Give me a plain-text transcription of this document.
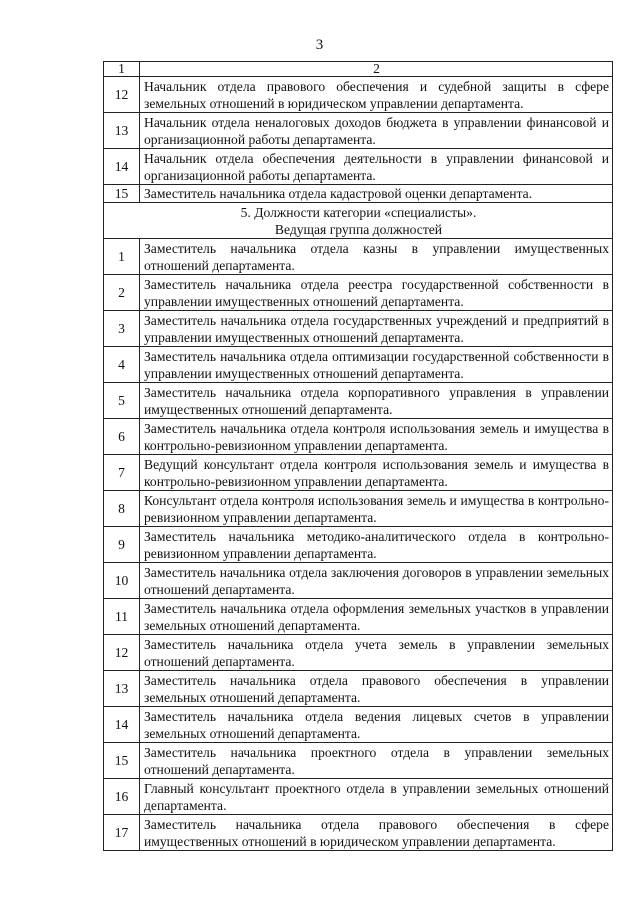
3
1	2
12	Начальник отдела правового обеспечения и судебной защиты в сфере земельных отношений в юридическом управлении департамента.
13	Начальник отдела неналоговых доходов бюджета в управлении финансовой и организационной работы департамента.
14	Начальник отдела обеспечения деятельности в управлении финансовой и организационной работы департамента.
15	Заместитель начальника отдела кадастровой оценки департамента.

5. Должности категории «специалисты».
Ведущая группа должностей	

1	Заместитель начальника отдела казны в управлении имущественных отношений департамента.
2	Заместитель начальника отдела реестра государственной собственности в управлении имущественных отношений департамента.
3	Заместитель начальника отдела государственных учреждений и предприятий в управлении имущественных отношений департамента.
4	Заместитель начальника отдела оптимизации государственной собственности в управлении имущественных отношений департамента.
5	Заместитель начальника отдела корпоративного управления в управлении имущественных отношений департамента.
6	Заместитель начальника отдела контроля использования земель и имущества в контрольно-ревизионном управлении департамента.
7	Ведущий консультант отдела контроля использования земель и имущества в контрольно-ревизионном управлении департамента.
8	Консультант отдела контроля использования земель и имущества в контрольно-ревизионном управлении департамента.
9	Заместитель начальника методико-аналитического отдела в контрольно-ревизионном управлении департамента.
10	Заместитель начальника отдела заключения договоров в управлении земельных отношений департамента.
11	Заместитель начальника отдела оформления земельных участков в управлении земельных отношений департамента.
12	Заместитель начальника отдела учета земель в управлении земельных отношений департамента.
13	Заместитель начальника отдела правового обеспечения в управлении земельных отношений департамента.
14	Заместитель начальника отдела ведения лицевых счетов в управлении земельных отношений департамента.
15	Заместитель начальника проектного отдела в управлении земельных отношений департамента.
16	Главный консультант проектного отдела в управлении земельных отношений департамента.
17	Заместитель начальника отдела правового обеспечения в сфере имущественных отношений в юридическом управлении департамента.
